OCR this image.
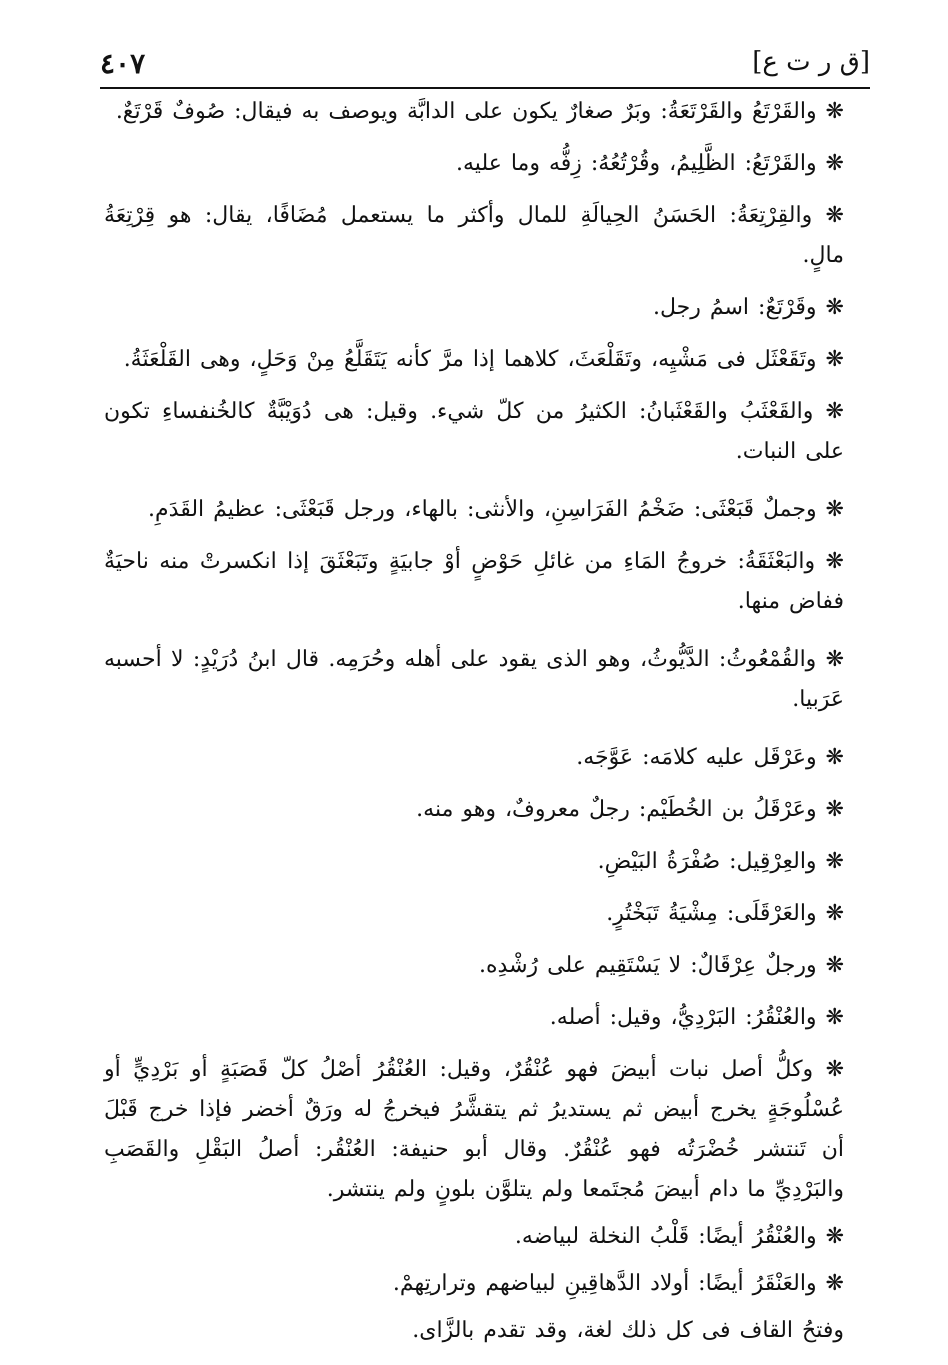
٤٠٧	[ق ر ت ع]

❋ والقَرْتَعُ والقَرْتَعَةُ: وبَرٌ صغارٌ يكون على الدابَّة ويوصف به فيقال: صُوفٌ قَرْتَعٌ.

❋ والقَرْتَعُ: الظَّلِيمُ، وقُرْتُعُهُ: زِفُّه وما عليه.

❋ والقِرْتِعَةُ: الحَسَنُ الحِيالَةِ للمال وأكثر ما يستعمل مُضَافًا، يقال: هو قِرْتِعَةُ مالٍ.

❋ وقَرْتَعٌ: اسمُ رجل.

❋ وتَقَعْثَل فى مَشْيِه، وتَقَلْعَثَ، كلاهما إذا مرَّ كأنه يَتَقَلَّعُ مِنْ وَحَلٍ، وهى القَلْعَثَةُ.

❋ والقَعْثَبُ والقَعْثَبانُ: الكثيرُ من كلّ شيء. وقيل: هى دُوَيْبَّةٌ كالخُنفساءِ تكون على النبات.

❋ وجملٌ قَبَعْثَى: ضَخْمُ الفَرَاسِنِ، والأنثى: بالهاء، ورجل قَبَعْثَى: عظيمُ القَدَمِ.

❋ والبَعْثَقَةُ: خروجُ المَاءِ من غائلِ حَوْضٍ أوْ جابيَةٍ وتَبَعْثَقَ إذا انكسرتْ منه ناحيَةٌ ففاض منها.

❋ والقُمْعُوثُ: الدَّيُّوثُ، وهو الذى يقود على أهله وحُرَمِه. قال ابنُ دُرَيْدٍ: لا أحسبه عَرَبيا.

❋ وعَرْقَل عليه كلامَه: عَوَّجَه.

❋ وعَرْقَلُ بن الخُطَيْم: رجلٌ معروفٌ، وهو منه.

❋ والعِرْقِيل: صُفْرَةُ البَيْضِ.

❋ والعَرْقَلَى: مِشْيَةُ تَبَخْتُرٍ.

❋ ورجلٌ عِرْقَالٌ: لا يَسْتَقِيم على رُشْدِه.

❋ والعُنْقُرُ: البَرْدِيُّ، وقيل: أصله.

❋ وكلُّ أصل نبات أبيضَ فهو عُنْقُرٌ، وقيل: العُنْقُرُ أصْلُ كلّ قَصَبَةٍ أو بَرْدِيٍّ أو عُسْلُوجَةٍ يخرج أبيض ثم يستديرُ ثم يتقشَّرُ فيخرجُ له ورَقٌ أخضر فإذا خرج قَبْلَ أن تَنتشر خُضْرَتُه فهو عُنْقُرٌ. وقال أبو حنيفة: العُنْقُر: أصلُ البَقْلِ والقَصَبِ والبَرْدِيِّ ما دام أبيضَ مُجتَمعا ولم يتلوَّن بلونٍ ولم ينتشر.

❋ والعُنْقُرُ أيضًا: قَلْبُ النخلة لبياضه.

❋ والعَنْقَرُ أيضًا: أولاد الدَّهاقِينِ لبياضهم وترارتِهمْ.

وفتحُ القاف فى كل ذلك لغة، وقد تقدم بالزَّاى.
